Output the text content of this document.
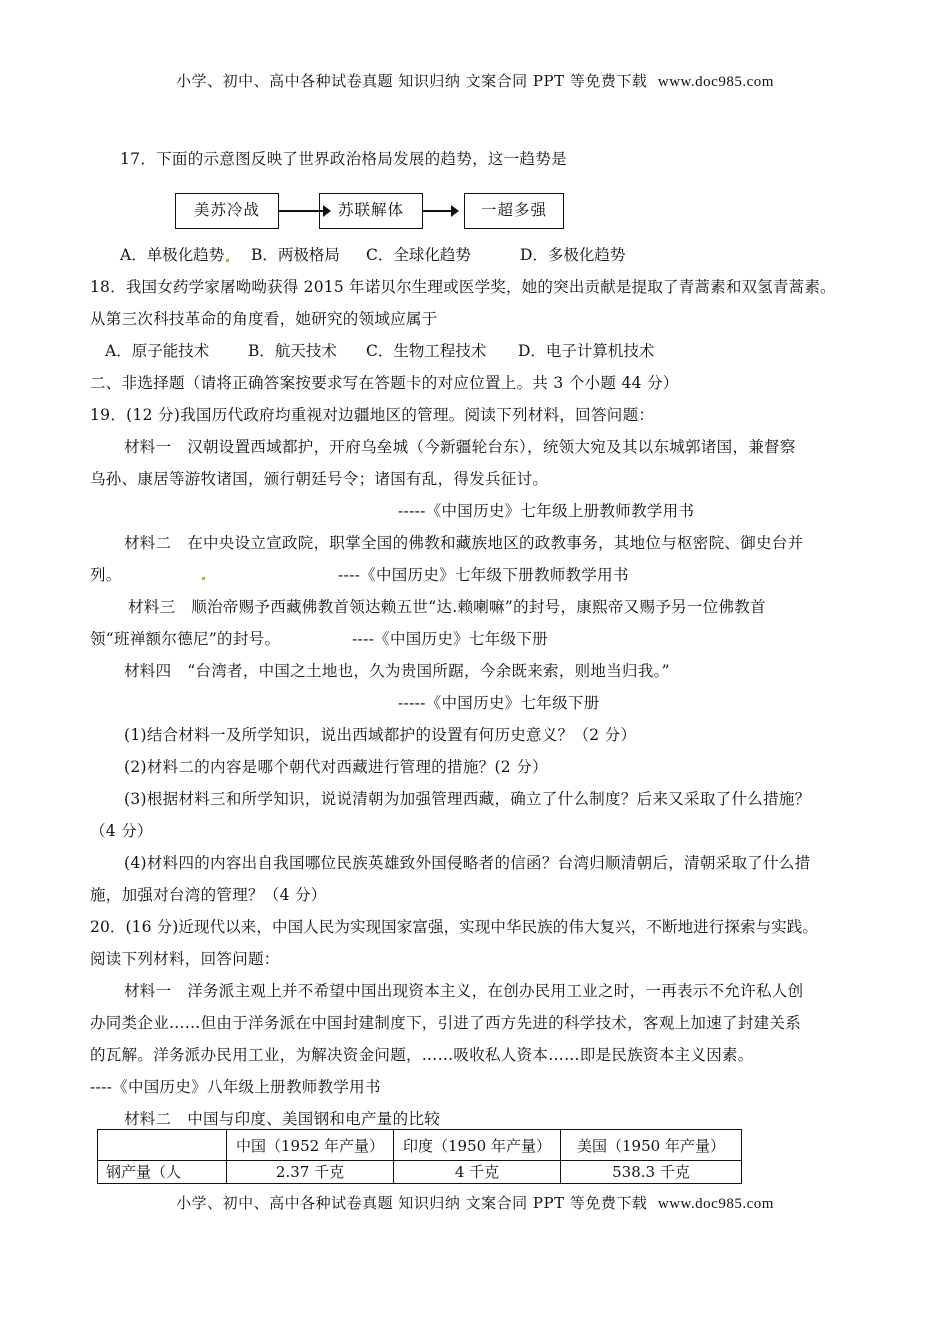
小学、初中、高中各种试卷真题 知识归纳 文案合同 PPT 等免费下载 www.doc985.com
17．下面的示意图反映了世界政治格局发展的趋势，这一趋势是
美苏冷战	苏联解体	一超多强
A．单极化趋势 B．两极格局 C．全球化趋势	D．多极化趋势
18．我国女药学家屠呦呦获得 2015 年诺贝尔生理或医学奖，她的突出贡献是提取了青蒿素和双氢青蒿素。
从第三次科技革命的角度看，她研究的领域应属于
A．原子能技术	B．航天技术 C．生物工程技术 D．电子计算机技术
二、非选择题（请将正确答案按要求写在答题卡的对应位置上。共 3 个小题 44 分）
19．(12 分)我国历代政府均重视对边疆地区的管理。阅读下列材料，回答问题：
材料一　汉朝设置西域都护，开府乌垒城（今新疆轮台东），统领大宛及其以东城郭诸国，兼督察
乌孙、康居等游牧诸国，颁行朝廷号令；诸国有乱，得发兵征讨。
-----《中国历史》七年级上册教师教学用书
材料二　在中央设立宣政院，职掌全国的佛教和藏族地区的政教事务，其地位与枢密院、御史台并
列。	----《中国历史》七年级下册教师教学用书
材料三　顺治帝赐予西藏佛教首领达赖五世“达.赖喇嘛”的封号，康熙帝又赐予另一位佛教首
领“班禅额尔德尼”的封号。	----《中国历史》七年级下册
材料四　“台湾者，中国之土地也，久为贵国所踞，今余既来索，则地当归我。”
-----《中国历史》七年级下册
(1)结合材料一及所学知识，说出西域都护的设置有何历史意义？（2 分）
(2)材料二的内容是哪个朝代对西藏进行管理的措施？(2 分）
(3)根据材料三和所学知识，说说清朝为加强管理西藏，确立了什么制度？后来又采取了什么措施？
（4 分）
(4)材料四的内容出自我国哪位民族英雄致外国侵略者的信函？台湾归顺清朝后，清朝采取了什么措
施，加强对台湾的管理？（4 分）
20．(16 分)近现代以来，中国人民为实现国家富强，实现中华民族的伟大复兴，不断地进行探索与实践。
阅读下列材料，回答问题：
材料一　洋务派主观上并不希望中国出现资本主义，在创办民用工业之时，一再表示不允许私人创
办同类企业……但由于洋务派在中国封建制度下，引进了西方先进的科学技术，客观上加速了封建关系
的瓦解。洋务派办民用工业，为解决资金问题，……吸收私人资本……即是民族资本主义因素。
----《中国历史》八年级上册教师教学用书
材料二　中国与印度、美国钢和电产量的比较
	中国（1952 年产量）	印度（1950 年产量）	美国（1950 年产量）
钢产量（人	2.37 千克	4 千克	538.3 千克
小学、初中、高中各种试卷真题 知识归纳 文案合同 PPT 等免费下载 www.doc985.com
